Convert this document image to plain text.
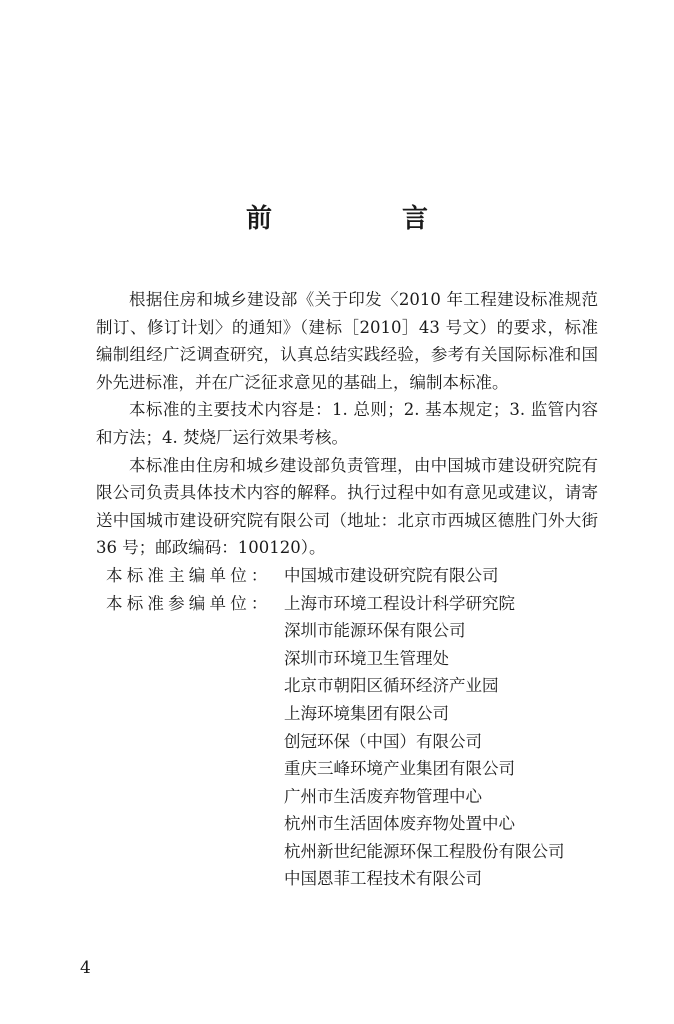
前　言

根据住房和城乡建设部《关于印发〈2010 年工程建设标准规范制订、修订计划〉的通知》（建标［2010］43 号文）的要求，标准编制组经广泛调查研究，认真总结实践经验，参考有关国际标准和国外先进标准，并在广泛征求意见的基础上，编制本标准。

本标准的主要技术内容是：1. 总则；2. 基本规定；3. 监管内容和方法；4. 焚烧厂运行效果考核。

本标准由住房和城乡建设部负责管理，由中国城市建设研究院有限公司负责具体技术内容的解释。执行过程中如有意见或建议，请寄送中国城市建设研究院有限公司（地址：北京市西城区德胜门外大街 36 号；邮政编码：100120）。

本标准主编单位： 中国城市建设研究院有限公司
本标准参编单位： 上海市环境工程设计科学研究院
深圳市能源环保有限公司
深圳市环境卫生管理处
北京市朝阳区循环经济产业园
上海环境集团有限公司
创冠环保（中国）有限公司
重庆三峰环境产业集团有限公司
广州市生活废弃物管理中心
杭州市生活固体废弃物处置中心
杭州新世纪能源环保工程股份有限公司
中国恩菲工程技术有限公司
4
